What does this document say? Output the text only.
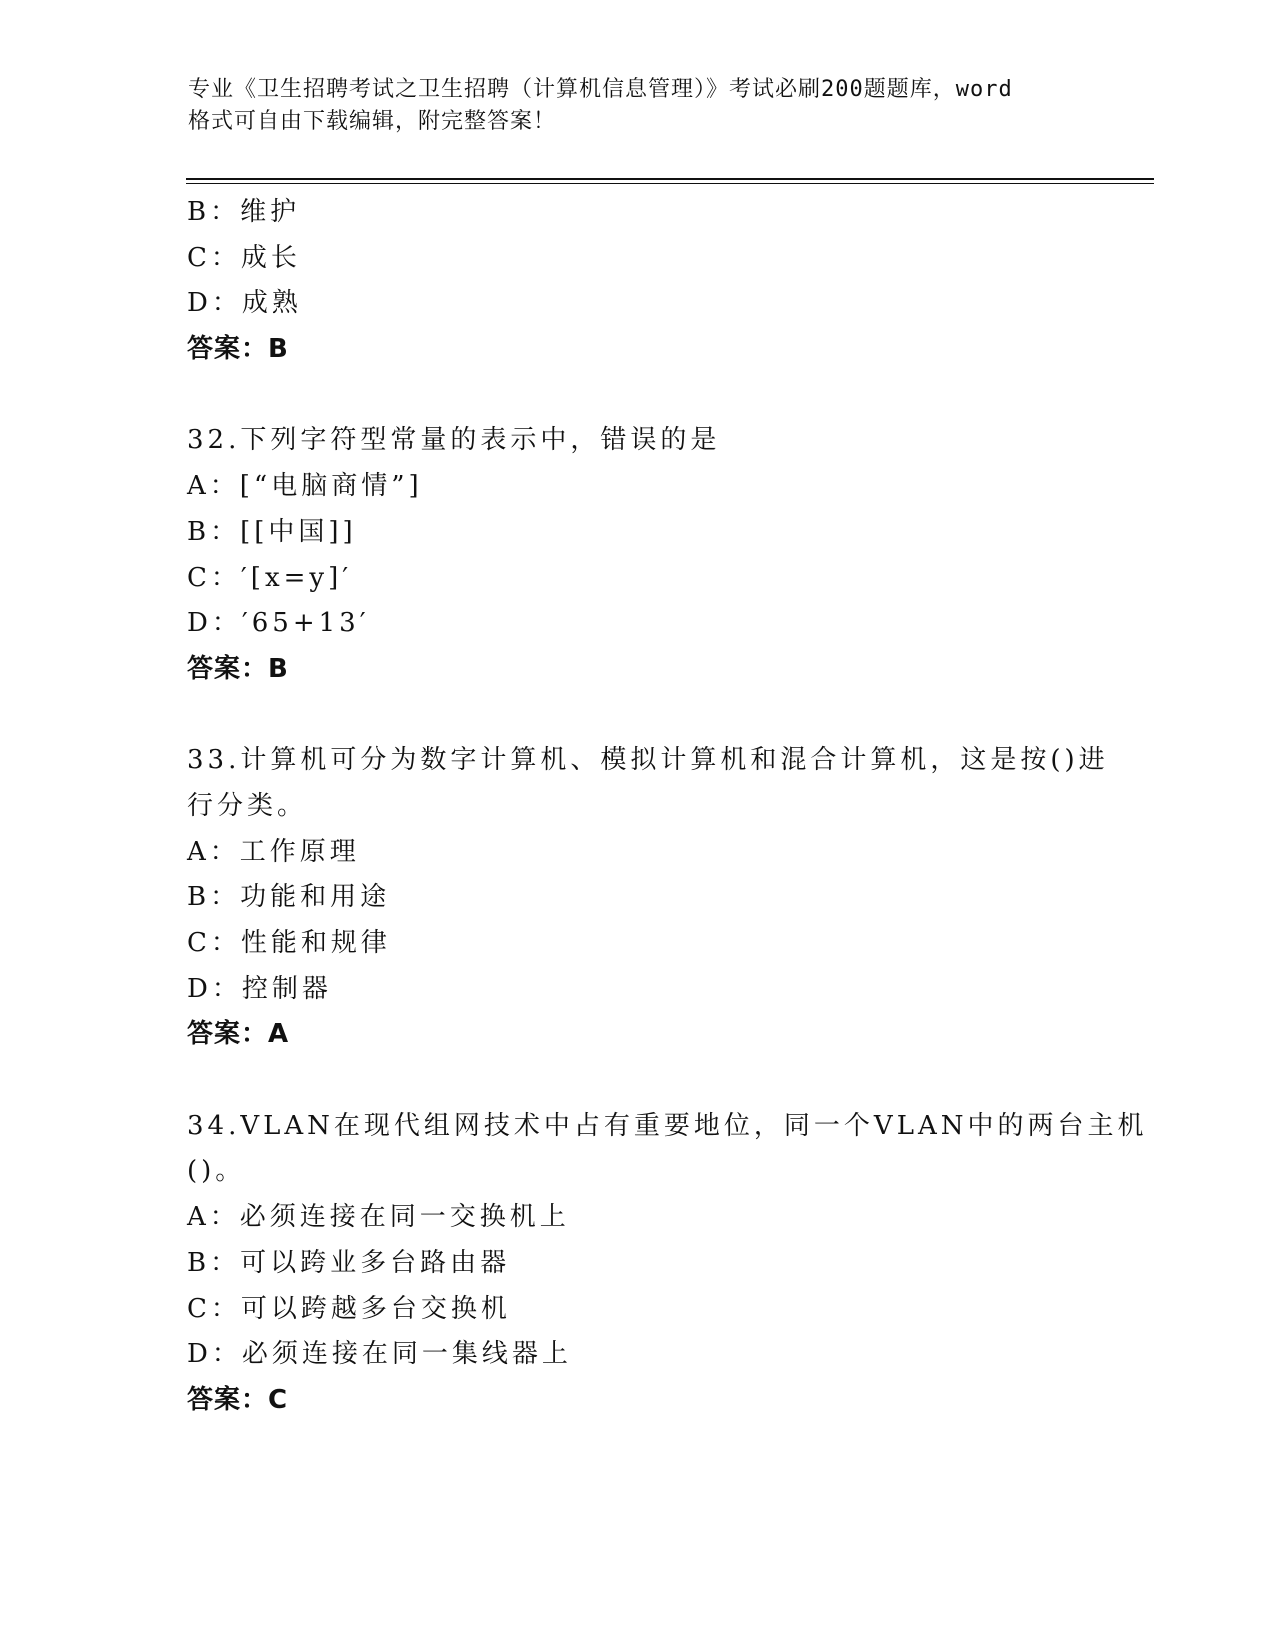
专业《卫生招聘考试之卫生招聘（计算机信息管理）》考试必刷200题题库，word
格式可自由下载编辑，附完整答案！
B：维护
C：成长
D：成熟
答案：B
32.下列字符型常量的表示中，错误的是
A：[“电脑商情”]
B：[[中国]]
C：′[x=y]′
D：′65+13′
答案：B
33.计算机可分为数字计算机、模拟计算机和混合计算机，这是按()进
行分类。
A：工作原理
B：功能和用途
C：性能和规律
D：控制器
答案：A
34.VLAN在现代组网技术中占有重要地位，同一个VLAN中的两台主机
()。
A：必须连接在同一交换机上
B：可以跨业多台路由器
C：可以跨越多台交换机
D：必须连接在同一集线器上
答案：C
